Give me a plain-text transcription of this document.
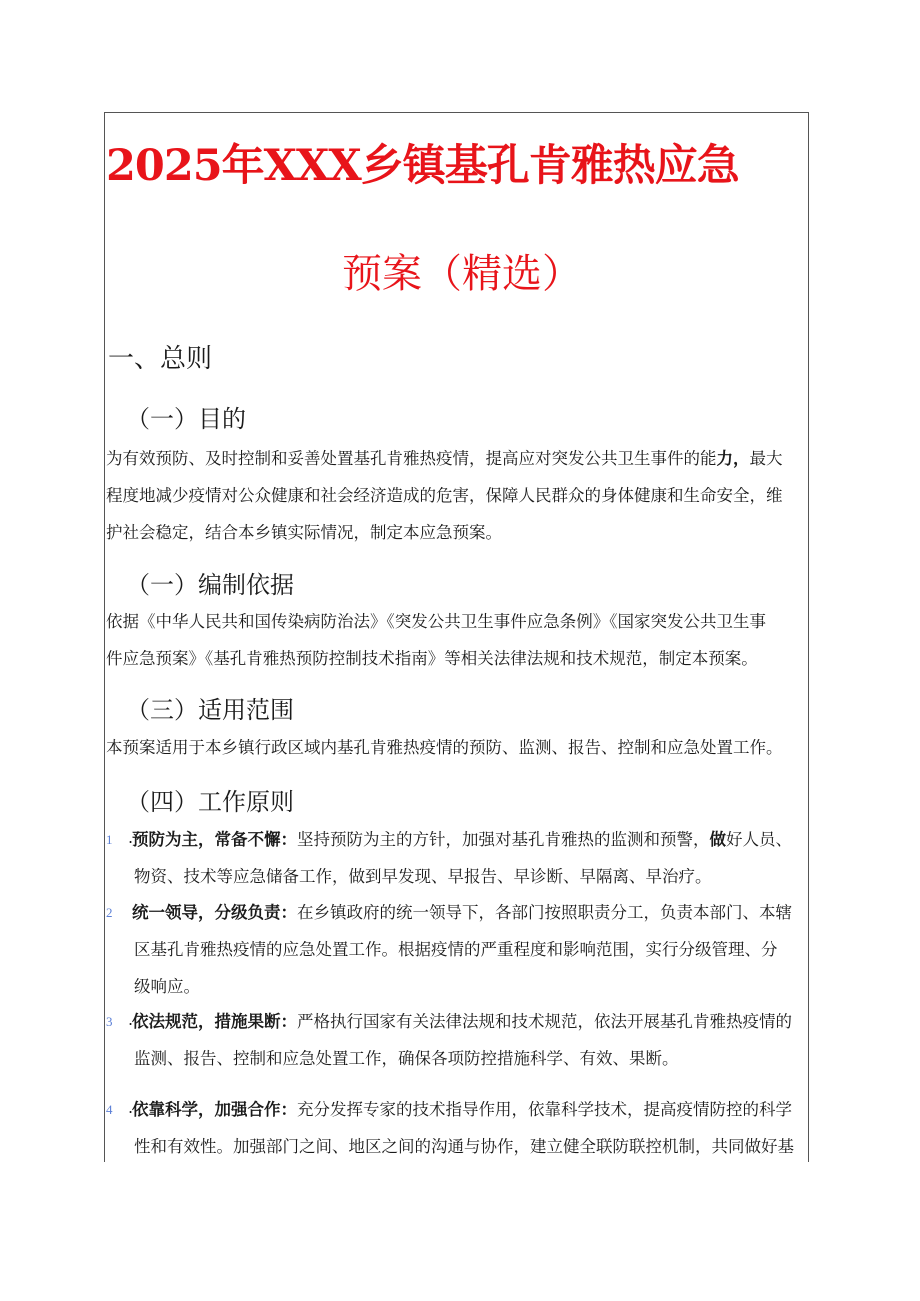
2025年XXX乡镇基孔肯雅热应急
预案（精选）
一、总则
（一）目的
为有效预防、及时控制和妥善处置基孔肯雅热疫情，提高应对突发公共卫生事件的能力，最大
程度地减少疫情对公众健康和社会经济造成的危害，保障人民群众的身体健康和生命安全，维
护社会稳定，结合本乡镇实际情况，制定本应急预案。
（一）编制依据
依据《中华人民共和国传染病防治法》《突发公共卫生事件应急条例》《国家突发公共卫生事
件应急预案》《基孔肯雅热预防控制技术指南》等相关法律法规和技术规范，制定本预案。
（三）适用范围
本预案适用于本乡镇行政区域内基孔肯雅热疫情的预防、监测、报告、控制和应急处置工作。
（四）工作原则
1 .
预防为主，常备不懈：坚持预防为主的方针，加强对基孔肯雅热的监测和预警，做好人员、
物资、技术等应急储备工作，做到早发现、早报告、早诊断、早隔离、早治疗。
2	统一领导，分级负责：在乡镇政府的统一领导下，各部门按照职责分工，负责本部门、本辖
区基孔肯雅热疫情的应急处置工作。根据疫情的严重程度和影响范围，实行分级管理、分
级响应。
3 .
依法规范，措施果断：严格执行国家有关法律法规和技术规范，依法开展基孔肯雅热疫情的
监测、报告、控制和应急处置工作，确保各项防控措施科学、有效、果断。
4 .
依靠科学，加强合作：充分发挥专家的技术指导作用，依靠科学技术，提高疫情防控的科学
性和有效性。加强部门之间、地区之间的沟通与协作，建立健全联防联控机制，共同做好基
